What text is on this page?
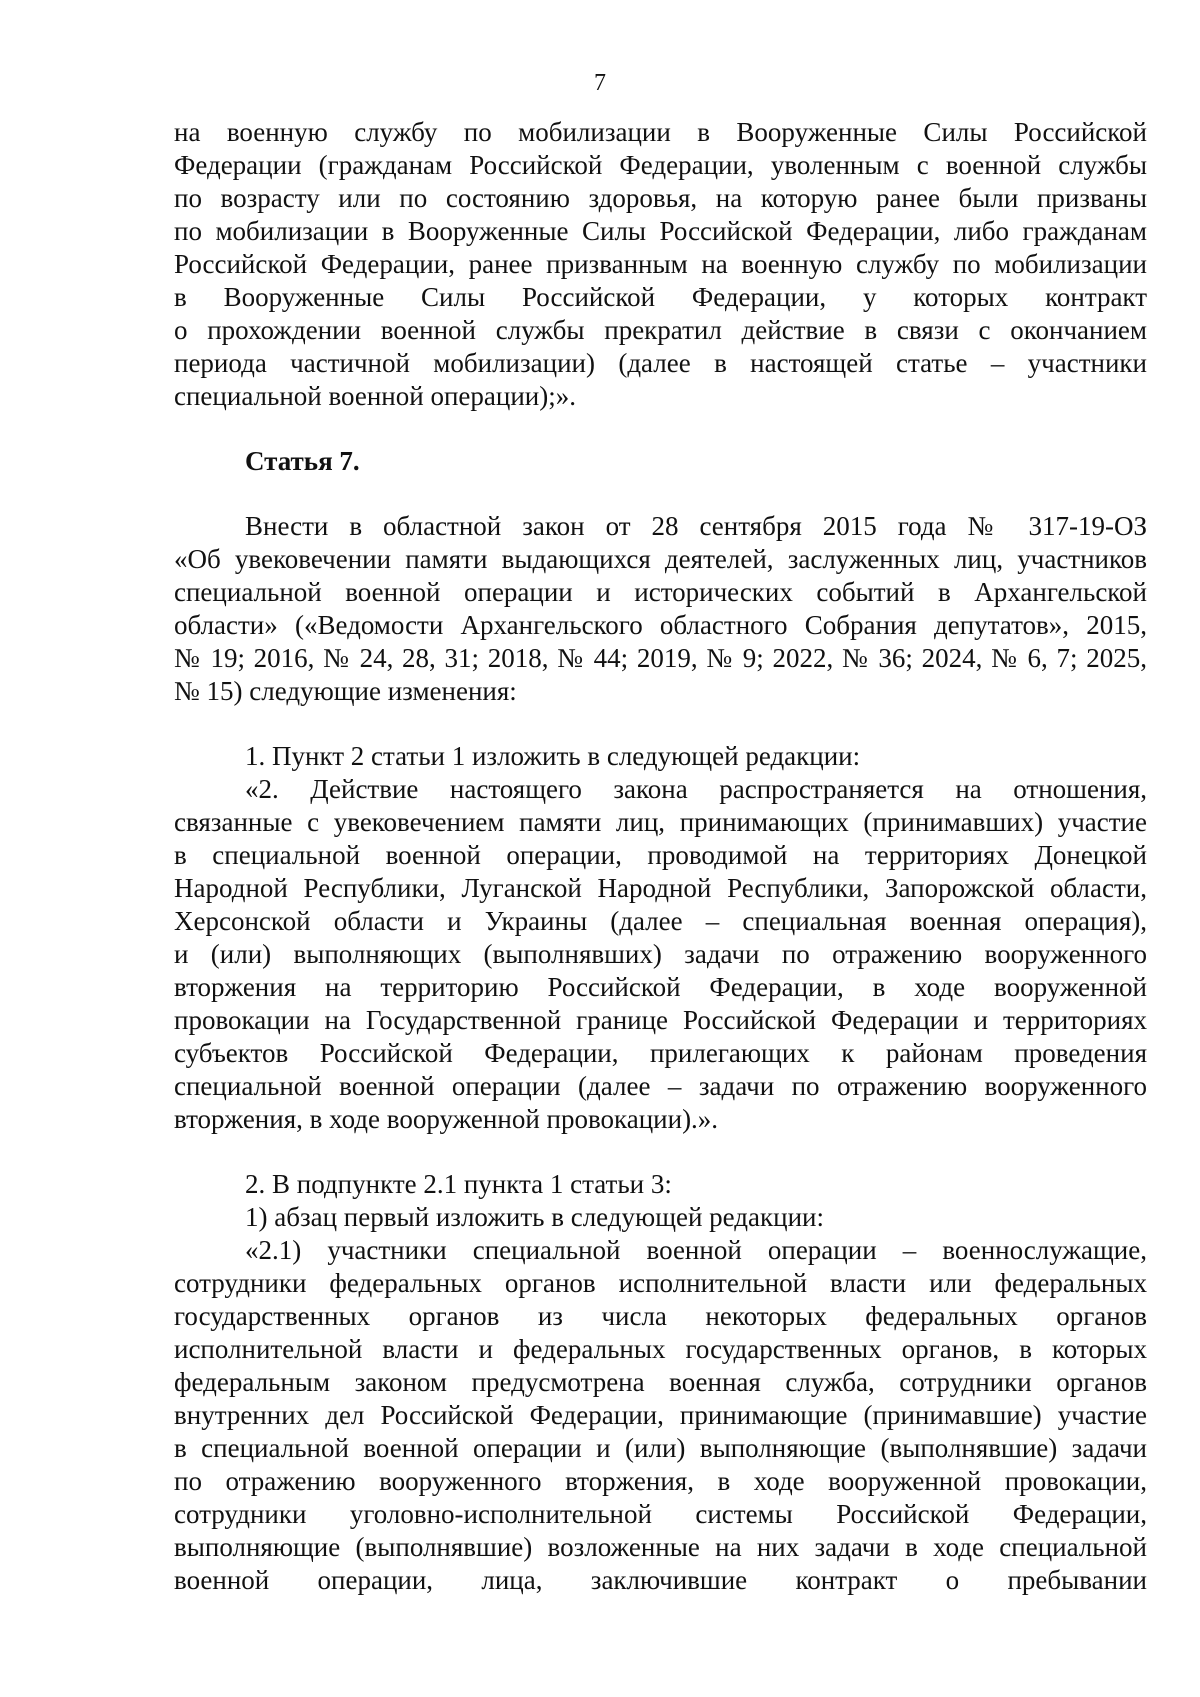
7
на военную службу по мобилизации в Вооруженные Силы Российской
Федерации (гражданам Российской Федерации, уволенным с военной службы
по возрасту или по состоянию здоровья, на которую ранее были призваны
по мобилизации в Вооруженные Силы Российской Федерации, либо гражданам
Российской Федерации, ранее призванным на военную службу по мобилизации
в Вооруженные Силы Российской Федерации, у которых контракт
о прохождении военной службы прекратил действие в связи с окончанием
периода частичной мобилизации) (далее в настоящей статье – участники
специальной военной операции);».
Статья 7.
Внести в областной закон от 28 сентября 2015 года № 317-19-ОЗ
«Об увековечении памяти выдающихся деятелей, заслуженных лиц, участников
специальной военной операции и исторических событий в Архангельской
области» («Ведомости Архангельского областного Собрания депутатов», 2015,
№ 19; 2016, № 24, 28, 31; 2018, № 44; 2019, № 9; 2022, № 36; 2024, № 6, 7; 2025,
№ 15) следующие изменения:
1. Пункт 2 статьи 1 изложить в следующей редакции:
«2. Действие настоящего закона распространяется на отношения,
связанные с увековечением памяти лиц, принимающих (принимавших) участие
в специальной военной операции, проводимой на территориях Донецкой
Народной Республики, Луганской Народной Республики, Запорожской области,
Херсонской области и Украины (далее – специальная военная операция),
и (или) выполняющих (выполнявших) задачи по отражению вооруженного
вторжения на территорию Российской Федерации, в ходе вооруженной
провокации на Государственной границе Российской Федерации и территориях
субъектов Российской Федерации, прилегающих к районам проведения
специальной военной операции (далее – задачи по отражению вооруженного
вторжения, в ходе вооруженной провокации).».
2. В подпункте 2.1 пункта 1 статьи 3:
1) абзац первый изложить в следующей редакции:
«2.1) участники специальной военной операции – военнослужащие,
сотрудники федеральных органов исполнительной власти или федеральных
государственных органов из числа некоторых федеральных органов
исполнительной власти и федеральных государственных органов, в которых
федеральным законом предусмотрена военная служба, сотрудники органов
внутренних дел Российской Федерации, принимающие (принимавшие) участие
в специальной военной операции и (или) выполняющие (выполнявшие) задачи
по отражению вооруженного вторжения, в ходе вооруженной провокации,
сотрудники уголовно-исполнительной системы Российской Федерации,
выполняющие (выполнявшие) возложенные на них задачи в ходе специальной
военной операции, лица, заключившие контракт о пребывании
